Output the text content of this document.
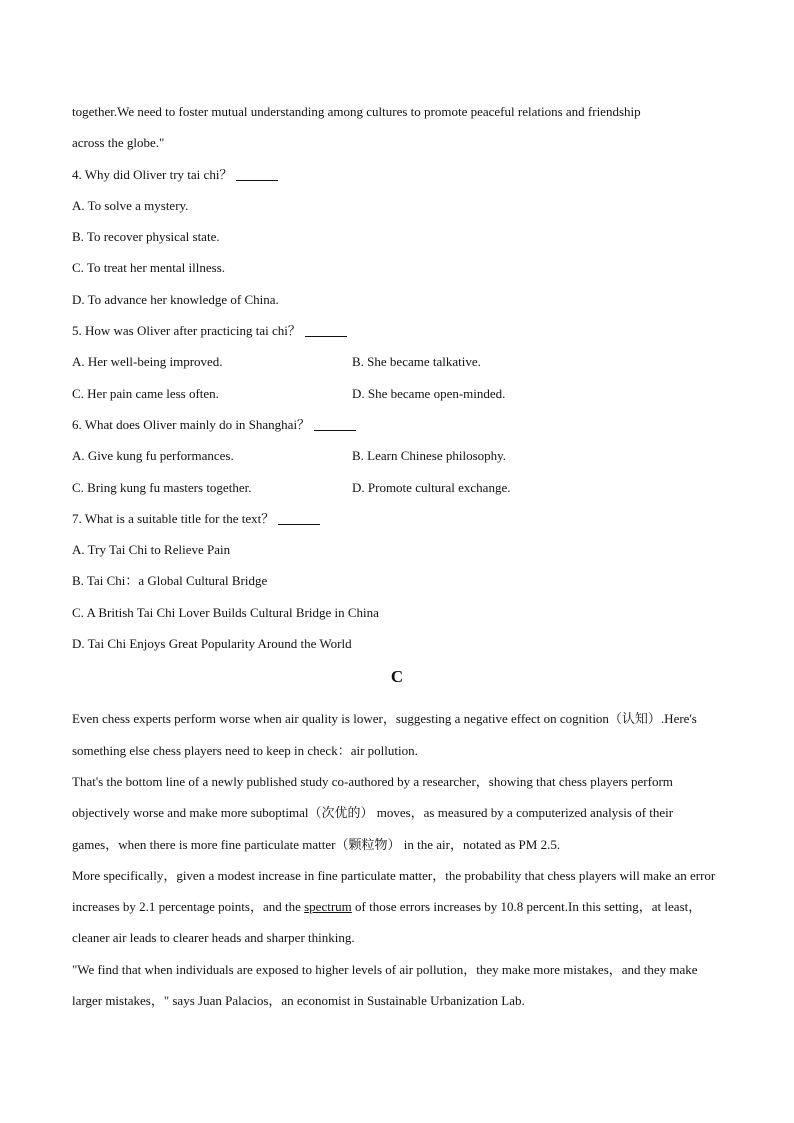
together.We need to foster mutual understanding among cultures to promote peaceful relations and friendship
across the globe."
4. Why did Oliver try tai chi？
A. To solve a mystery.
B. To recover physical state.
C. To treat her mental illness.
D. To advance her knowledge of China.
5. How was Oliver after practicing tai chi？
A. Her well-being improved.	B. She became talkative.
C. Her pain came less often.	D. She became open-minded.
6. What does Oliver mainly do in Shanghai？
A. Give kung fu performances.	B. Learn Chinese philosophy.
C. Bring kung fu masters together.	D. Promote cultural exchange.
7. What is a suitable title for the text？
A. Try Tai Chi to Relieve Pain
B. Tai Chi：a Global Cultural Bridge
C. A British Tai Chi Lover Builds Cultural Bridge in China
D. Tai Chi Enjoys Great Popularity Around the World
C
Even chess experts perform worse when air quality is lower，suggesting a negative effect on cognition（认知）.Here's something else chess players need to keep in check：air pollution.
That's the bottom line of a newly published study co-authored by a researcher，showing that chess players perform objectively worse and make more suboptimal（次优的） moves，as measured by a computerized analysis of their games，when there is more fine particulate matter（颗粒物） in the air，notated as PM 2.5.
More specifically，given a modest increase in fine particulate matter，the probability that chess players will make an error increases by 2.1 percentage points，and the spectrum of those errors increases by 10.8 percent.In this setting，at least，cleaner air leads to clearer heads and sharper thinking.
"We find that when individuals are exposed to higher levels of air pollution，they make more mistakes，and they make larger mistakes，" says Juan Palacios，an economist in Sustainable Urbanization Lab.
